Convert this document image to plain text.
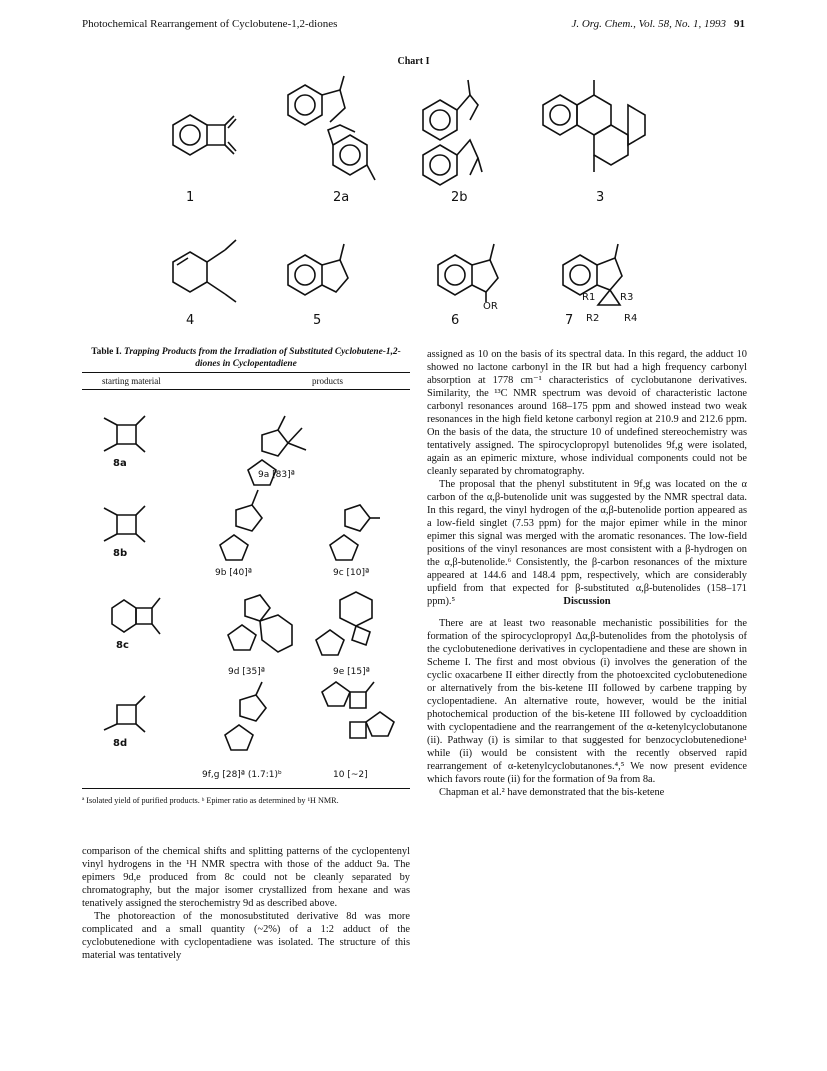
Photochemical Rearrangement of Cyclobutene-1,2-diones	J. Org. Chem., Vol. 58, No. 1, 1993 91
Chart I
1	2a	2b	3
4	5	6	7
OR
R1
R2
R3
R4
Table I. Trapping Products from the Irradiation of Substituted Cyclobutene-1,2-diones in Cyclopentadiene
starting material	products
8a
9a [83]ª
8b
9b [40]ª	9c [10]ª
8c
9d [35]ª	9e [15]ª
8d
9f,g [28]ª (1.7:1)ᵇ	10 [~2]
ª Isolated yield of purified products. ᵇ Epimer ratio as determined by ¹H NMR.

comparison of the chemical shifts and splitting patterns of the cyclopentenyl vinyl hydrogens in the ¹H NMR spectra with those of the adduct 9a. The epimers 9d,e produced from 8c could not be cleanly separated by chromatography, but the major isomer crystallized from hexane and was tenatively assigned the sterochemistry 9d as described above.

The photoreaction of the monosubstituted derivative 8d was more complicated and a small quantity (~2%) of a 1:2 adduct of the cyclobutenedione with cyclopentadiene was isolated. The structure of this material was tentatively

assigned as 10 on the basis of its spectral data. In this regard, the adduct 10 showed no lactone carbonyl in the IR but had a high frequency carbonyl absorption at 1778 cm⁻¹ characteristics of cyclobutanone derivatives. Similarity, the ¹³C NMR spectrum was devoid of characteristic lactone carbonyl resonances around 168–175 ppm and showed instead two weak resonances in the high field ketone carbonyl region at 210.9 and 212.6 ppm. On the basis of the data, the structure 10 of undefined stereochemistry was tentatively assigned. The spirocyclopropyl butenolides 9f,g were isolated, again as an epimeric mixture, whose individual components could not be cleanly separated by chromatography.

The proposal that the phenyl substitutent in 9f,g was located on the α carbon of the α,β-butenolide unit was suggested by the NMR spectral data. In this regard, the vinyl hydrogen of the α,β-butenolide portion appeared as a low-field singlet (7.53 ppm) for the major epimer while in the minor epimer this signal was merged with the aromatic resonances. The low-field positions of the vinyl resonances are most consistent with a β-hydrogen on the α,β-butenolide.⁶ Consistently, the β-carbon resonances of the mixture appeared at 144.6 and 148.4 ppm, respectively, which are considerably upfield from that expected for β-substituted α,β-butenolides (158–171 ppm).⁵	Discussion

There are at least two reasonable mechanistic possibilities for the formation of the spirocyclopropyl Δα,β-butenolides from the photolysis of the cyclobutenedione derivatives in cyclopentadiene and these are shown in Scheme I. The first and most obvious (i) involves the generation of the cyclic oxacarbene II either directly from the photoexcited cyclobutenedione or alternatively from the bis-ketene III followed by carbene trapping by cyclopentadiene. An alternative route, however, would be the initial photochemical production of the bis-ketene III followed by cycloaddition with cyclopentadiene and the rearrangement of the α-ketenylcyclobutanone (ii). Pathway (i) is similar to that suggested for benzocyclobutenedione¹ while (ii) would be consistent with the recently observed rapid rearrangement of α-ketenylcyclobutanones.⁴,⁵ We now present evidence which favors route (ii) for the formation of 9a from 8a.

Chapman et al.² have demonstrated that the bis-ketene
